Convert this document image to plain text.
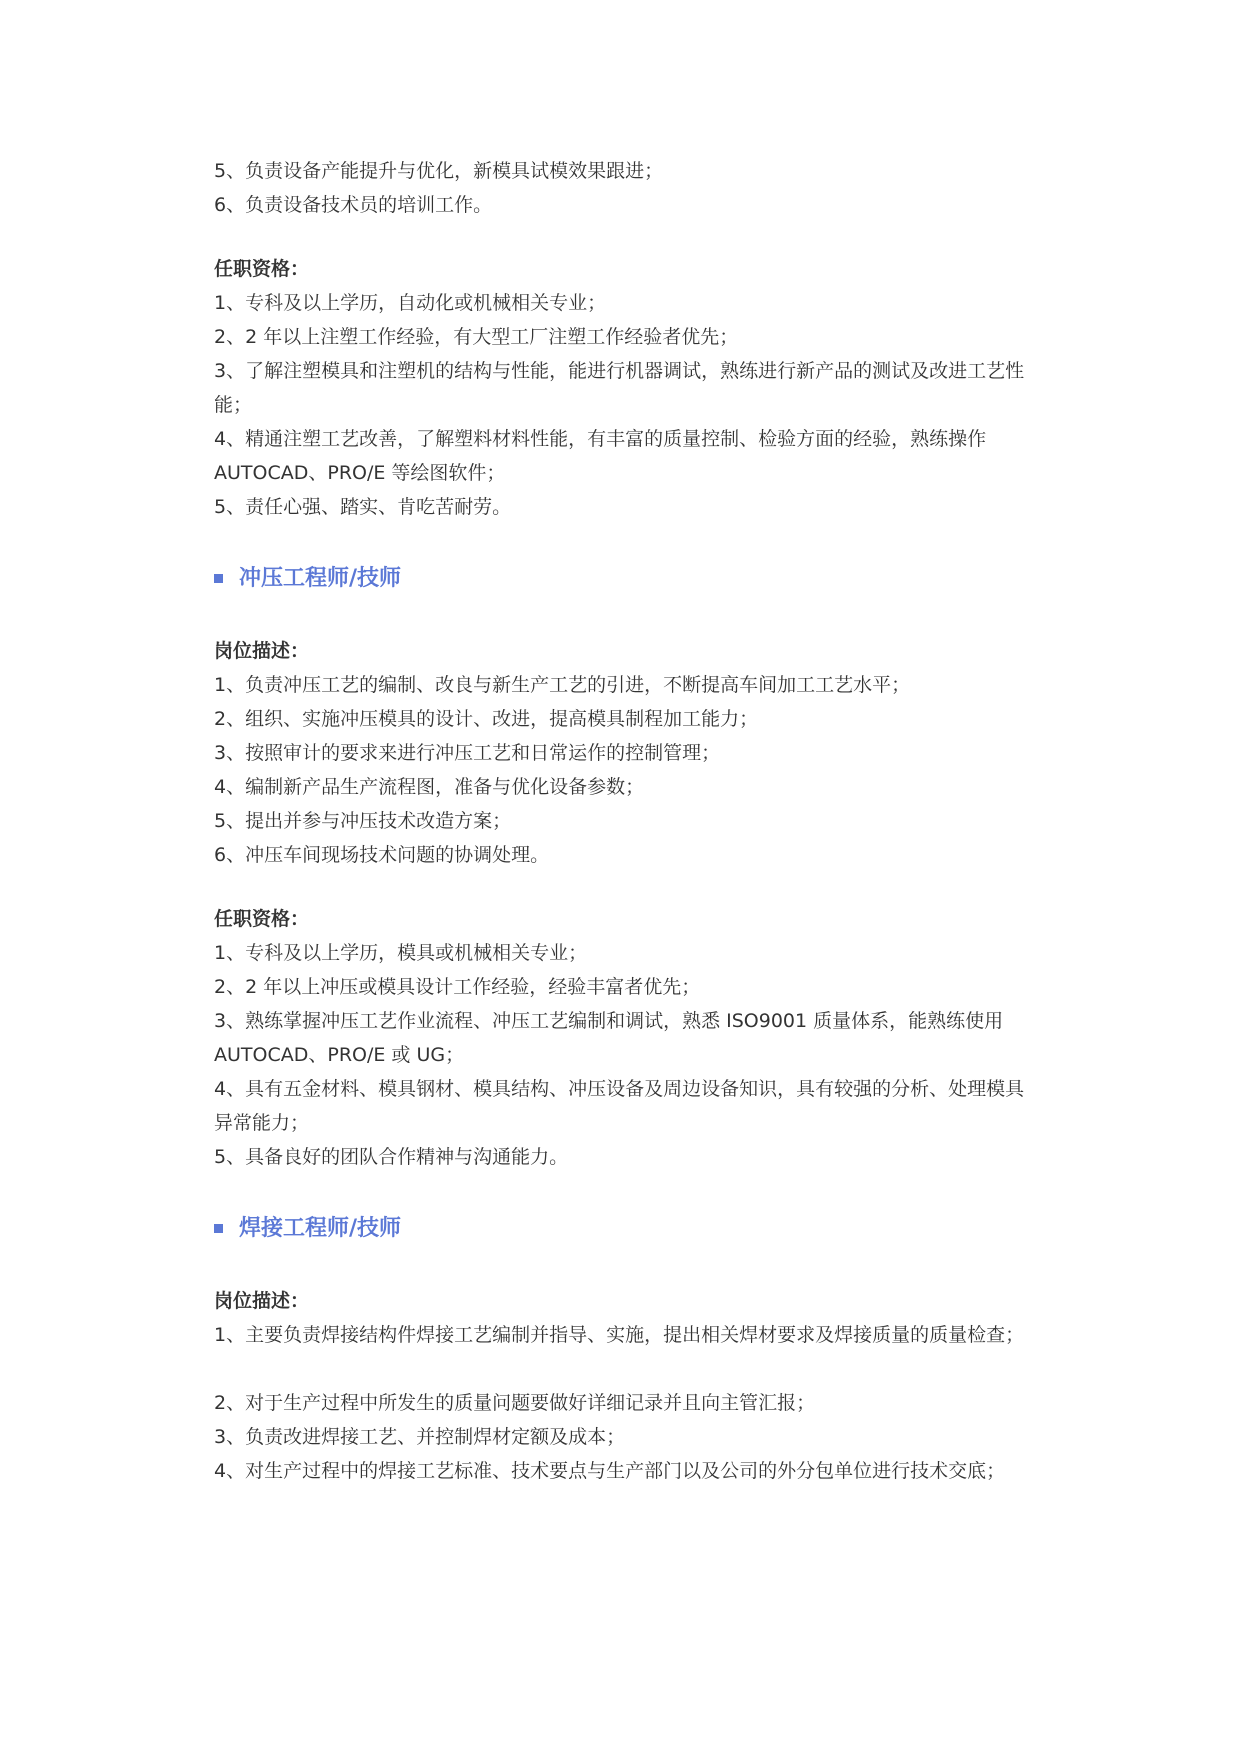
5、负责设备产能提升与优化，新模具试模效果跟进；

6、负责设备技术员的培训工作。

任职资格：

1、专科及以上学历，自动化或机械相关专业；

2、2 年以上注塑工作经验，有大型工厂注塑工作经验者优先；

3、了解注塑模具和注塑机的结构与性能，能进行机器调试，熟练进行新产品的测试及改进工艺性

能；

4、精通注塑工艺改善，了解塑料材料性能，有丰富的质量控制、检验方面的经验，熟练操作

AUTOCAD、PRO/E 等绘图软件；

5、责任心强、踏实、肯吃苦耐劳。

冲压工程师/技师

岗位描述：

1、负责冲压工艺的编制、改良与新生产工艺的引进，不断提高车间加工工艺水平；

2、组织、实施冲压模具的设计、改进，提高模具制程加工能力；

3、按照审计的要求来进行冲压工艺和日常运作的控制管理；

4、编制新产品生产流程图，准备与优化设备参数；

5、提出并参与冲压技术改造方案；

6、冲压车间现场技术问题的协调处理。

任职资格：

1、专科及以上学历，模具或机械相关专业；

2、2 年以上冲压或模具设计工作经验，经验丰富者优先；

3、熟练掌握冲压工艺作业流程、冲压工艺编制和调试，熟悉 ISO9001 质量体系，能熟练使用

AUTOCAD、PRO/E 或 UG；

4、具有五金材料、模具钢材、模具结构、冲压设备及周边设备知识，具有较强的分析、处理模具

异常能力；

5、具备良好的团队合作精神与沟通能力。

焊接工程师/技师

岗位描述：

1、主要负责焊接结构件焊接工艺编制并指导、实施，提出相关焊材要求及焊接质量的质量检查；

2、对于生产过程中所发生的质量问题要做好详细记录并且向主管汇报；

3、负责改进焊接工艺、并控制焊材定额及成本；

4、对生产过程中的焊接工艺标准、技术要点与生产部门以及公司的外分包单位进行技术交底；
